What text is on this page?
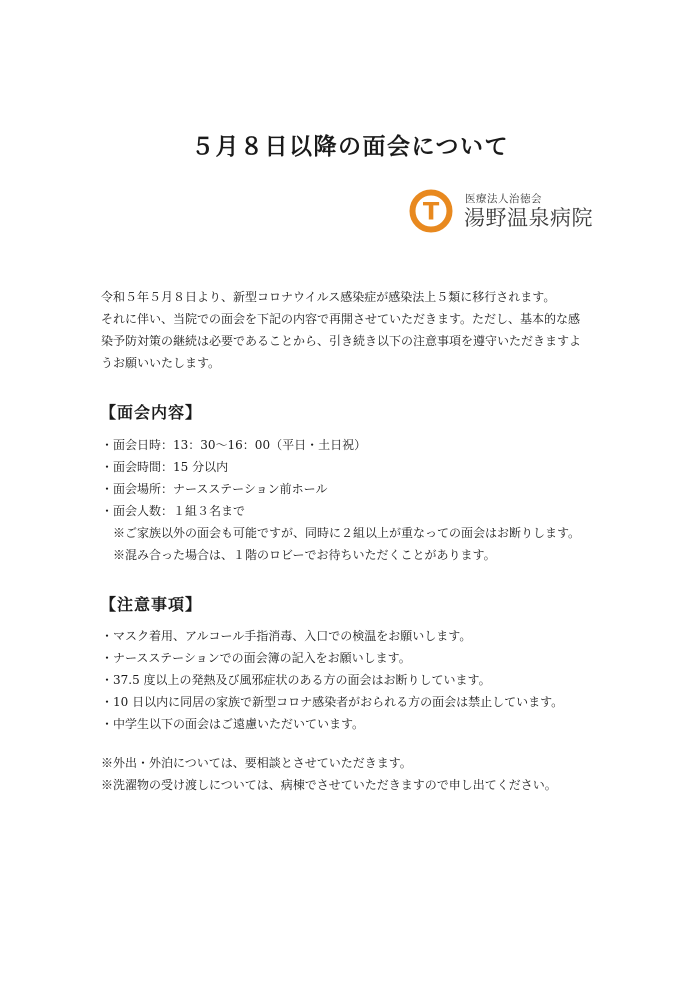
５月８日以降の面会について
T 医療法人治徳会
湯野温泉病院
令和５年５月８日より、新型コロナウイルス感染症が感染法上５類に移行されます。
それに伴い、当院での面会を下記の内容で再開させていただきます。ただし、基本的な感
染予防対策の継続は必要であることから、引き続き以下の注意事項を遵守いただきますよ
うお願いいたします。
【面会内容】
・面会日時：13：30～16：00（平日・土日祝）
・面会時間：15 分以内
・面会場所：ナースステーション前ホール
・面会人数：１組３名まで
※ご家族以外の面会も可能ですが、同時に２組以上が重なっての面会はお断りします。
※混み合った場合は、１階のロビーでお待ちいただくことがあります。
【注意事項】
・マスク着用、アルコール手指消毒、入口での検温をお願いします。
・ナースステーションでの面会簿の記入をお願いします。
・37.5 度以上の発熱及び風邪症状のある方の面会はお断りしています。
・10 日以内に同居の家族で新型コロナ感染者がおられる方の面会は禁止しています。
・中学生以下の面会はご遠慮いただいています。
※外出・外泊については、要相談とさせていただきます。
※洗濯物の受け渡しについては、病棟でさせていただきますので申し出てください。
